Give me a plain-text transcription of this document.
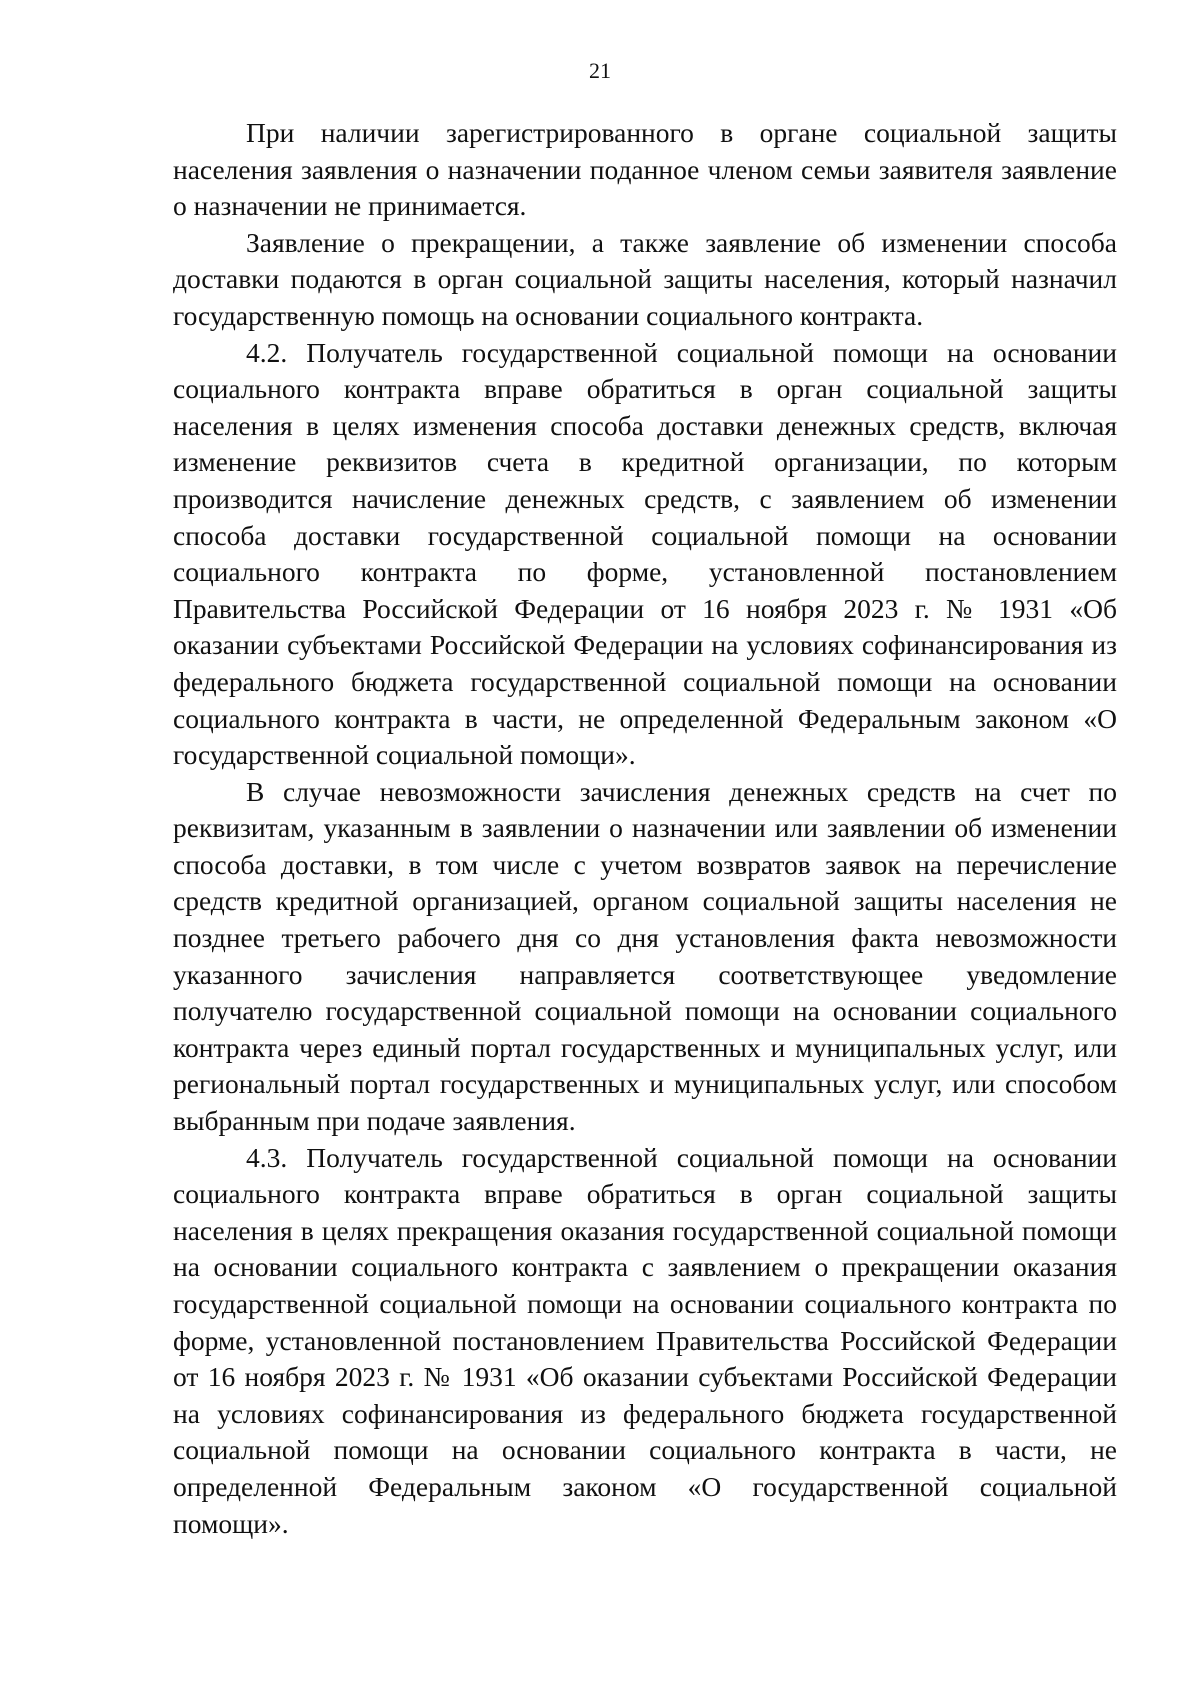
21

При наличии зарегистрированного в органе социальной защиты населения заявления о назначении поданное членом семьи заявителя заявление о назначении не принимается.

Заявление о прекращении, а также заявление об изменении способа доставки подаются в орган социальной защиты населения, который назначил государственную помощь на основании социального контракта.

4.2. Получатель государственной социальной помощи на основании социального контракта вправе обратиться в орган социальной защиты населения в целях изменения способа доставки денежных средств, включая изменение реквизитов счета в кредитной организации, по которым производится начисление денежных средств, с заявлением об изменении способа доставки государственной социальной помощи на основании социального контракта по форме, установленной постановлением Правительства Российской Федерации от 16 ноября 2023 г. № 1931 «Об оказании субъектами Российской Федерации на условиях софинансирования из федерального бюджета государственной социальной помощи на основании социального контракта в части, не определенной Федеральным законом «О государственной социальной помощи».

В случае невозможности зачисления денежных средств на счет по реквизитам, указанным в заявлении о назначении или заявлении об изменении способа доставки, в том числе с учетом возвратов заявок на перечисление средств кредитной организацией, органом социальной защиты населения не позднее третьего рабочего дня со дня установления факта невозможности указанного зачисления направляется соответствующее уведомление получателю государственной социальной помощи на основании социального контракта через единый портал государственных и муниципальных услуг, или региональный портал государственных и муниципальных услуг, или способом выбранным при подаче заявления.

4.3. Получатель государственной социальной помощи на основании социального контракта вправе обратиться в орган социальной защиты населения в целях прекращения оказания государственной социальной помощи на основании социального контракта с заявлением о прекращении оказания государственной социальной помощи на основании социального контракта по форме, установленной постановлением Правительства Российской Федерации от 16 ноября 2023 г. № 1931 «Об оказании субъектами Российской Федерации на условиях софинансирования из федерального бюджета государственной социальной помощи на основании социального контракта в части, не определенной Федеральным законом «О государственной социальной помощи».
